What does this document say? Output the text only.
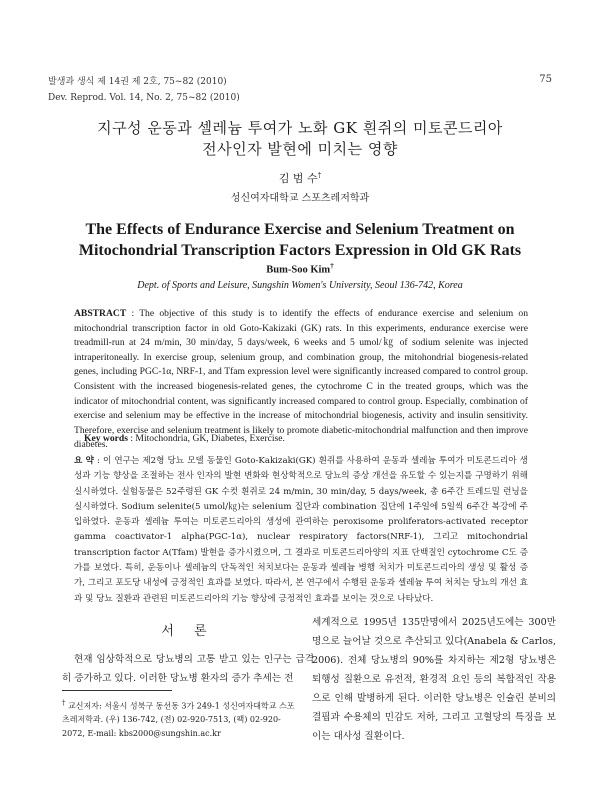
발생과 생식 제 14권 제 2호, 75~82 (2010)
Dev. Reprod. Vol. 14, No. 2, 75~82 (2010)
75
지구성 운동과 셀레늄 투여가 노화 GK 흰쥐의 미토콘드리아
전사인자 발현에 미치는 영향
김 범 수†
성신여자대학교 스포츠레저학과
The Effects of Endurance Exercise and Selenium Treatment on
Mitochondrial Transcription Factors Expression in Old GK Rats
Bum-Soo Kim†
Dept. of Sports and Leisure, Sungshin Women's University, Seoul 136-742, Korea
ABSTRACT : The objective of this study is to identify the effects of endurance exercise and selenium on mitochondrial transcription factor in old Goto-Kakizaki (GK) rats. In this experiments, endurance exercise were treadmill-run at 24 m/min, 30 min/day, 5 days/week, 6 weeks and 5 umol/㎏ of sodium selenite was injected intraperitoneally. In exercise group, selenium group, and combination group, the mitohondrial biogenesis-related genes, including PGC-1α, NRF-1, and Tfam expression level were significantly increased compared to control group. Consistent with the increased biogenesis-related genes, the cytochrome C in the treated groups, which was the indicator of mitochondrial content, was significantly increased compared to control group. Especially, combination of exercise and selenium may be effective in the increase of mitochondrial biogenesis, activity and insulin sensitivity. Therefore, exercise and selenium treatment is likely to promote diabetic-mitochondrial malfunction and then improve diabetes.
Key words : Mitochondria, GK, Diabetes, Exercise.
요 약 : 이 연구는 제2형 당뇨 모델 동물인 Goto-Kakizaki(GK) 흰쥐를 사용하여 운동과 셀레늄 투여가 미토콘드리아 생성과 기능 향상을 조절하는 전사 인자의 발현 변화와 현상학적으로 당뇨의 증상 개선을 유도할 수 있는지를 구명하기 위해 실시하였다. 실험동물은 52주령된 GK 수컷 흰쥐로 24 m/min, 30 min/day, 5 days/week, 총 6주간 트레드밀 런닝을 실시하였다. Sodium selenite(5 umol/㎏)는 selenium 집단과 combination 집단에 1주일에 5일씩 6주간 복강에 주입하였다. 운동과 셀레늄 투여는 미토콘드리아의 생성에 관여하는 peroxisome proliferators-activated receptor gamma coactivator-1 alpha(PGC-1α), nuclear respiratory factors(NRF-1), 그리고 mitochondrial transcription factor A(Tfam) 발현을 증가시켰으며, 그 결과로 미토콘드리아양의 지표 단백질인 cytochrome C도 증가를 보였다. 특히, 운동이나 셀레늄의 단독적인 처치보다는 운동과 셀레늄 병행 처치가 미토콘드리아의 생성 및 활성 증가, 그리고 포도당 내성에 긍정적인 효과를 보였다. 따라서, 본 연구에서 수행된 운동과 셀레늄 투여 처치는 당뇨의 개선 효과 및 당뇨 질환과 관련된 미토콘드리아의 기능 향상에 긍정적인 효과를 보이는 것으로 나타났다.
서 론
현재 임상학적으로 당뇨병의 고통 받고 있는 인구는 급격히 증가하고 있다. 이러한 당뇨병 환자의 증가 추세는 전
세계적으로 1995년 135만명에서 2025년도에는 300만명으로 늘어날 것으로 추산되고 있다(Anabela & Carlos, 2006). 전체 당뇨병의 90%를 차지하는 제2형 당뇨병은 퇴행성 질환으로 유전적, 환경적 요인 등의 복합적인 작용으로 인해 발병하게 된다. 이러한 당뇨병은 인슐린 분비의 결핍과 수용체의 민감도 저하, 그리고 고혈당의 특징을 보이는 대사성 질환이다.
† 교신저자: 서울시 성북구 동선동 3가 249-1 성신여자대학교 스포츠레저학과. (우) 136-742, (전) 02-920-7513, (팩) 02-920-2072, E-mail: kbs2000@sungshin.ac.kr
